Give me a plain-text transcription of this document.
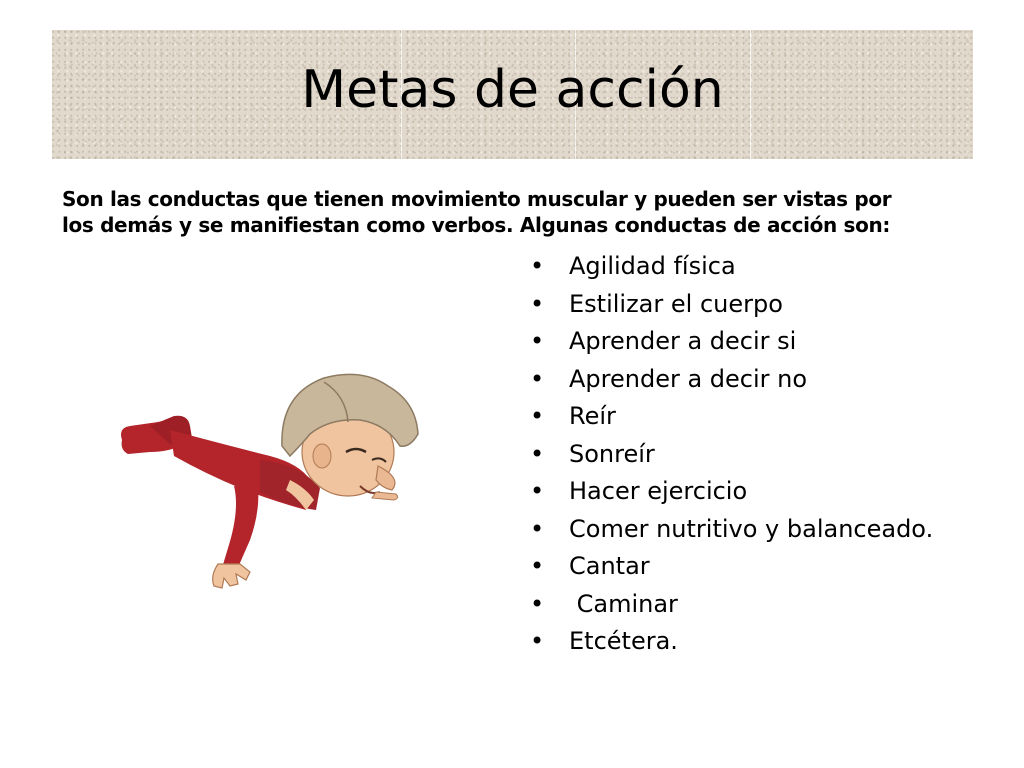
Metas de acción
Son las conductas que tienen movimiento muscular y pueden ser vistas por
los demás y se manifiestan como verbos. Algunas conductas de acción son:
• Agilidad física
• Estilizar el cuerpo
• Aprender a decir si
• Aprender a decir no
• Reír
• Sonreír
• Hacer ejercicio
• Comer nutritivo y balanceado.
• Cantar
• Caminar
• Etcétera.
